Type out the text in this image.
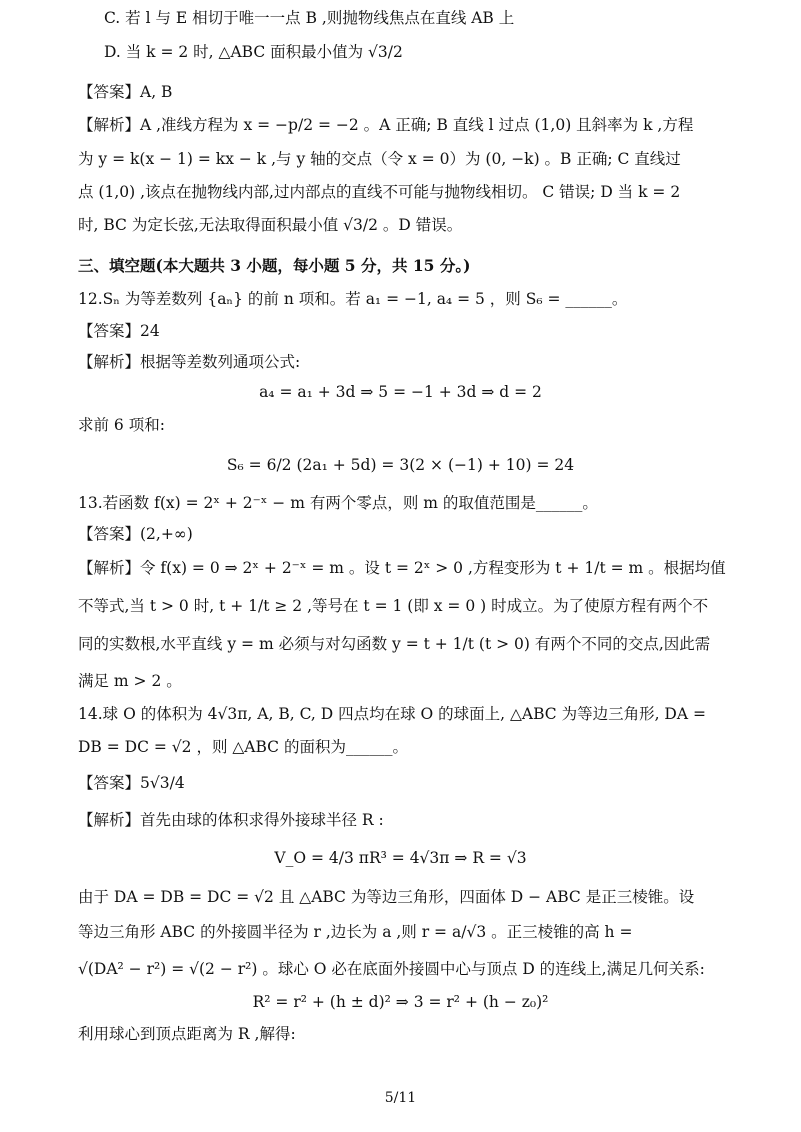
C. 若 l 与 E 相切于唯一一点 B ,则抛物线焦点在直线 AB 上
D. 当 k = 2 时, △ABC 面积最小值为 √3/2
【答案】A, B
【解析】A ,准线方程为 x = −p/2 = −2 。A 正确; B 直线 l 过点 (1,0) 且斜率为 k ,方程
为 y = k(x − 1) = kx − k ,与 y 轴的交点（令 x = 0）为 (0, −k) 。B 正确; C 直线过
点 (1,0) ,该点在抛物线内部,过内部点的直线不可能与抛物线相切。 C 错误; D 当 k = 2
时, BC 为定长弦,无法取得面积最小值 √3/2 。D 错误。
三、填空题(本大题共 3 小题，每小题 5 分，共 15 分。)
12.Sₙ 为等差数列 {aₙ} 的前 n 项和。若 a₁ = −1, a₄ = 5 ，则 S₆ = ______。
【答案】24
【解析】根据等差数列通项公式:
a₄ = a₁ + 3d ⇒ 5 = −1 + 3d ⇒ d = 2
求前 6 项和:
S₆ = 6/2 (2a₁ + 5d) = 3(2 × (−1) + 10) = 24
13.若函数 f(x) = 2ˣ + 2⁻ˣ − m 有两个零点，则 m 的取值范围是______。
【答案】(2,+∞)
【解析】令 f(x) = 0 ⇒ 2ˣ + 2⁻ˣ = m 。设 t = 2ˣ > 0 ,方程变形为 t + 1/t = m 。根据均值
不等式,当 t > 0 时, t + 1/t ≥ 2 ,等号在 t = 1 (即 x = 0 ) 时成立。为了使原方程有两个不
同的实数根,水平直线 y = m 必须与对勾函数 y = t + 1/t (t > 0) 有两个不同的交点,因此需
满足 m > 2 。
14.球 O 的体积为 4√3π, A, B, C, D 四点均在球 O 的球面上, △ABC 为等边三角形, DA =
DB = DC = √2 ，则 △ABC 的面积为______。
【答案】5√3/4
【解析】首先由球的体积求得外接球半径 R :
V_O = 4/3 πR³ = 4√3π ⇒ R = √3
由于 DA = DB = DC = √2 且 △ABC 为等边三角形，四面体 D − ABC 是正三棱锥。设
等边三角形 ABC 的外接圆半径为 r ,边长为 a ,则 r = a/√3 。正三棱锥的高 h =
√(DA² − r²) = √(2 − r²) 。球心 O 必在底面外接圆中心与顶点 D 的连线上,满足几何关系:
R² = r² + (h ± d)² ⇒ 3 = r² + (h − z₀)²
利用球心到顶点距离为 R ,解得:
5/11
